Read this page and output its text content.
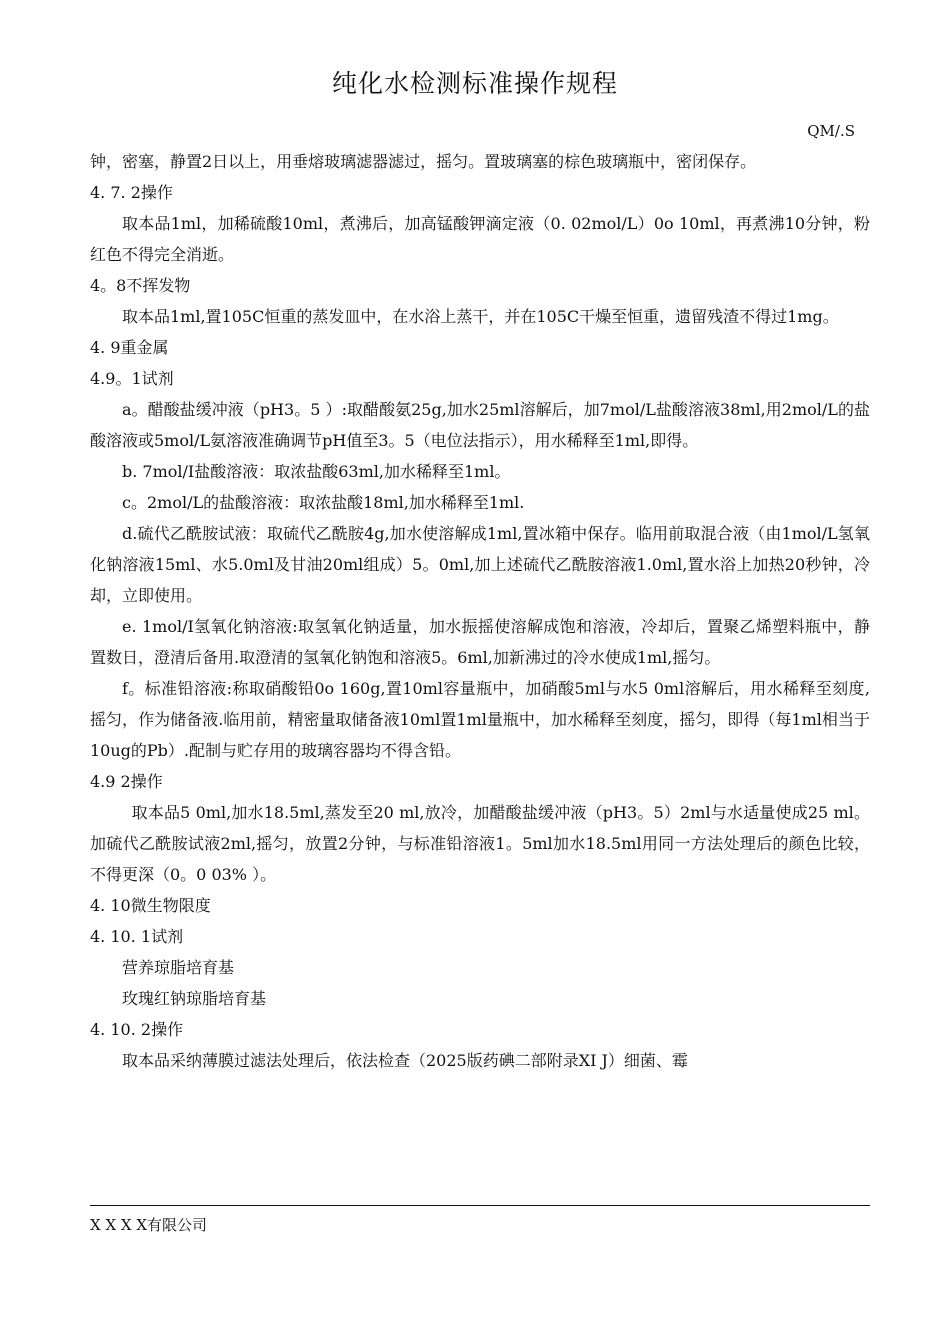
纯化水检测标准操作规程
QM/.S

钟，密塞，静置2日以上，用垂熔玻璃滤器滤过，摇匀。置玻璃塞的棕色玻璃瓶中，密闭保存。

4. 7. 2操作

取本品1ml，加稀硫酸10ml，煮沸后，加高锰酸钾滴定液（0. 02mol/L）0o 10ml，再煮沸10分钟，粉红色不得完全消逝。

4。8不挥发物

取本品1ml,置105C恒重的蒸发皿中，在水浴上蒸干，并在105C干燥至恒重，遗留残渣不得过1mg。

4. 9重金属

4.9。1试剂

a。醋酸盐缓冲液（pH3。5 ）:取醋酸氨25g,加水25ml溶解后，加7mol/L盐酸溶液38ml,用2mol/L的盐酸溶液或5mol/L氨溶液准确调节pH值至3。5（电位法指示），用水稀释至1ml,即得。

b. 7mol/I盐酸溶液：取浓盐酸63ml,加水稀释至1ml。

c。2mol/L的盐酸溶液：取浓盐酸18ml,加水稀释至1ml.

d.硫代乙酰胺试液：取硫代乙酰胺4g,加水使溶解成1ml,置冰箱中保存。临用前取混合液（由1mol/L氢氧化钠溶液15ml、水5.0ml及甘油20ml组成）5。0ml,加上述硫代乙酰胺溶液1.0ml,置水浴上加热20秒钟，冷却，立即使用。

e. 1mol/I氢氧化钠溶液:取氢氧化钠适量，加水振摇使溶解成饱和溶液，冷却后，置聚乙烯塑料瓶中，静置数日，澄清后备用.取澄清的氢氧化钠饱和溶液5。6ml,加新沸过的冷水使成1ml,摇匀。

f。标准铅溶液:称取硝酸铅0o 160g,置10ml容量瓶中，加硝酸5ml与水5 0ml溶解后，用水稀释至刻度,摇匀，作为储备液.临用前，精密量取储备液10ml置1ml量瓶中，加水稀释至刻度，摇匀，即得（每1ml相当于10ug的Pb）.配制与贮存用的玻璃容器均不得含铅。

4.9 2操作

取本品5 0ml,加水18.5ml,蒸发至20 ml,放冷，加醋酸盐缓冲液（pH3。5）2ml与水适量使成25 ml。加硫代乙酰胺试液2ml,摇匀，放置2分钟，与标准铅溶液1。5ml加水18.5ml用同一方法处理后的颜色比较，不得更深（0。0 03% ）。

4. 10微生物限度

4. 10. 1试剂

营养琼脂培育基

玫瑰红钠琼脂培育基

4. 10. 2操作

取本品采纳薄膜过滤法处理后，依法检查（2025版药碘二部附录XI J）细菌、霉

X X X X有限公司
